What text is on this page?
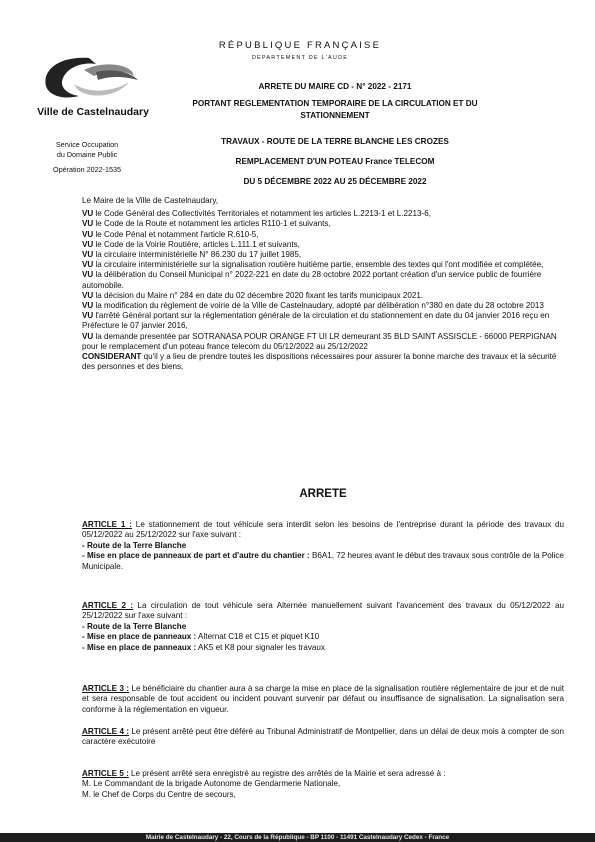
Ville de Castelnaudary
Service Occupation
du Domaine Public
Opération 2022-1535
RÉPUBLIQUE FRANÇAISE
DÉPARTEMENT DE L'AUDE
ARRETE DU MAIRE CD - N° 2022 - 2171
PORTANT REGLEMENTATION TEMPORAIRE DE LA CIRCULATION ET DU
STATIONNEMENT
TRAVAUX - ROUTE DE LA TERRE BLANCHE LES CROZES
REMPLACEMENT D'UN POTEAU France TELECOM
DU 5 DÉCEMBRE 2022 AU 25 DÉCEMBRE 2022

Le Maire de la Ville de Castelnaudary,

VU le Code Général des Collectivités Territoriales et notamment les articles L.2213-1 et L.2213-6,

VU le Code de la Route et notamment les articles R110-1 et suivants,

VU le Code Pénal et notamment l'article R.610-5,

VU le Code de la Voirie Routière, articles L.111.1 et suivants,

VU la circulaire interministérielle N° 86.230 du 17 juillet 1985,

VU la circulaire interministérielle sur la signalisation routière huitième partie, ensemble des textes qui l'ont modifiée et complétée,

VU la délibération du Conseil Municipal n° 2022-221 en date du 28 octobre 2022 portant création d'un service public de fourrière automobile.

VU la décision du Maire n° 284 en date du 02 décembre 2020 fixant les tarifs municipaux 2021.

VU la modification du règlement de voirie de la Ville de Castelnaudary, adopté par délibération n°380 en date du 28 octobre 2013

VU l'arrêté Général portant sur la réglementation générale de la circulation et du stationnement en date du 04 janvier 2016 reçu en Préfecture le 07 janvier 2016,

VU la demande presentée par SOTRANASA POUR ORANGE FT UI LR demeurant 35 BLD SAINT ASSISCLE - 66000 PERPIGNAN pour le remplacement d'un poteau france telecom du 05/12/2022 au 25/12/2022

CONSIDERANT qu'il y a lieu de prendre toutes les dispositions nécessaires pour assurer la bonne marche des travaux et la sécurité des personnes et des biens,

ARRETE

ARTICLE 1 : Le stationnement de tout véhicule sera interdit selon les besoins de l'entreprise durant la période des travaux du 05/12/2022 au 25/12/2022 sur l'axe suivant :

- Route de la Terre Blanche

- Mise en place de panneaux de part et d'autre du chantier : B6A1, 72 heures avant le début des travaux sous contrôle de la Police Municipale.

ARTICLE 2 : La circulation de tout véhicule sera Alternée manuellement suivant l'avancement des travaux du 05/12/2022 au 25/12/2022 sur l'axe suivant :

- Route de la Terre Blanche

- Mise en place de panneaux : Alternat C18 et C15 et piquet K10

- Mise en place de panneaux : AK5 et K8 pour signaler les travaux

ARTICLE 3 : Le bénéficiaire du chantier aura à sa charge la mise en place de la signalisation routière réglementaire de jour et de nuit et sera responsable de tout accident ou incident pouvant survenir par défaut ou insuffisance de signalisation. La signalisation sera conforme à la réglementation en vigueur.

ARTICLE 4 : Le présent arrêté peut être déféré au Tribunal Administratif de Montpellier, dans un délai de deux mois à compter de son caractère exécutoire

ARTICLE 5 : Le présent arrêté sera enregistré au registre des arrêtés de la Mairie et sera adressé à :

M. Le Commandant de la brigade Autonome de Gendarmerie Nationale,

M. le Chef de Corps du Centre de secours,

Mairie de Castelnaudary - 22, Cours de la République - BP 1100 - 11491 Castelnaudary Cedex - France
